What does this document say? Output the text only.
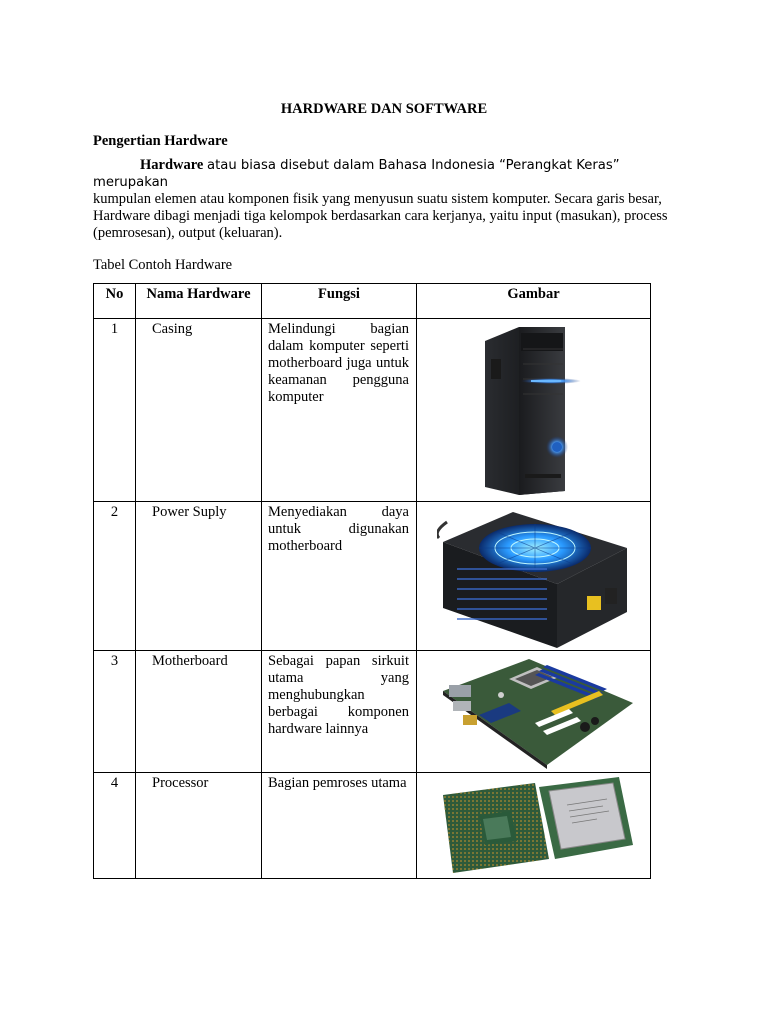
HARDWARE DAN SOFTWARE
Pengertian Hardware
Hardware atau biasa disebut dalam Bahasa Indonesia “Perangkat Keras” merupakan
kumpulan elemen atau komponen fisik yang menyusun suatu sistem komputer. Secara garis besar, Hardware dibagi menjadi tiga kelompok berdasarkan cara kerjanya, yaitu input (masukan), process (pemrosesan), output (keluaran).
Tabel Contoh Hardware
No	Nama Hardware	Fungsi	Gambar
1	Casing	Melindungi bagian dalam komputer seperti motherboard juga untuk keamanan pengguna komputer	

2	Power Suply	Menyediakan daya untuk digunakan motherboard	

3	Motherboard	Sebagai papan sirkuit utama yang menghubungkan berbagai komponen hardware lainnya	

4	Processor	Bagian pemroses utama	
